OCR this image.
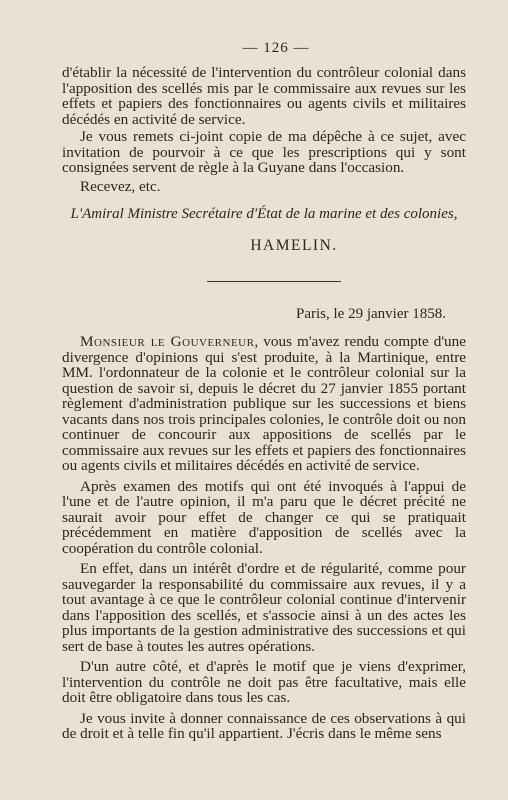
— 126 —

d'établir la nécessité de l'intervention du contrôleur colonial dans l'apposition des scellés mis par le commissaire aux revues sur les effets et papiers des fonctionnaires ou agents civils et militaires décédés en activité de service.

Je vous remets ci-joint copie de ma dépêche à ce sujet, avec invitation de pourvoir à ce que les prescriptions qui y sont consignées servent de règle à la Guyane dans l'occasion.

Recevez, etc.

L'Amiral Ministre Secrétaire d'État de la marine et des colonies,
HAMELIN.
Paris, le 29 janvier 1858.

Monsieur le Gouverneur, vous m'avez rendu compte d'une divergence d'opinions qui s'est produite, à la Martinique, entre MM. l'ordonnateur de la colonie et le contrôleur colonial sur la question de savoir si, depuis le décret du 27 janvier 1855 portant règlement d'administration publique sur les successions et biens vacants dans nos trois principales colonies, le contrôle doit ou non continuer de concourir aux appositions de scellés par le commissaire aux revues sur les effets et papiers des fonctionnaires ou agents civils et militaires décédés en activité de service.

Après examen des motifs qui ont été invoqués à l'appui de l'une et de l'autre opinion, il m'a paru que le décret précité ne saurait avoir pour effet de changer ce qui se pratiquait précédemment en matière d'apposition de scellés avec la coopération du contrôle colonial.

En effet, dans un intérêt d'ordre et de régularité, comme pour sauvegarder la responsabilité du commissaire aux revues, il y a tout avantage à ce que le contrôleur colonial continue d'intervenir dans l'apposition des scellés, et s'associe ainsi à un des actes les plus importants de la gestion administrative des successions et qui sert de base à toutes les autres opérations.

D'un autre côté, et d'après le motif que je viens d'exprimer, l'intervention du contrôle ne doit pas être facultative, mais elle doit être obligatoire dans tous les cas.

Je vous invite à donner connaissance de ces observations à qui de droit et à telle fin qu'il appartient. J'écris dans le même sens
